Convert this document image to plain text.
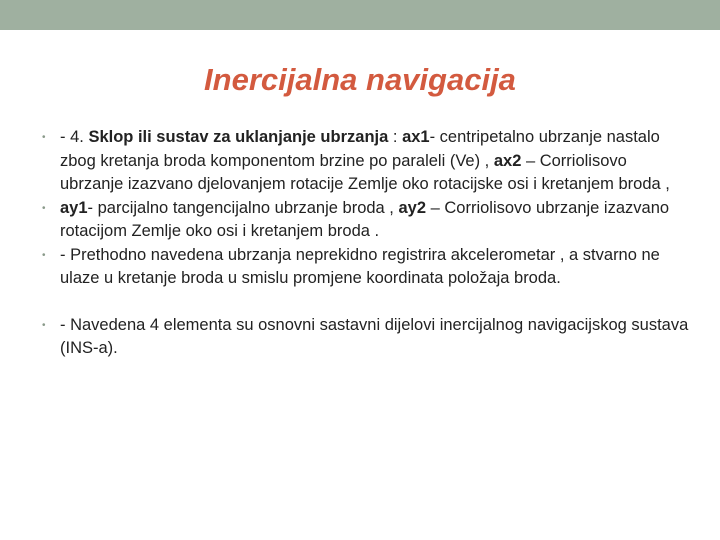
Inercijalna navigacija
• - 4. Sklop ili sustav za uklanjanje ubrzanja : ax1- centripetalno ubrzanje nastalo zbog kretanja broda komponentom brzine po paraleli (Ve) , ax2 – Corriolisovo ubrzanje izazvano djelovanjem rotacije Zemlje oko rotacijske osi i kretanjem broda ,
• ay1- parcijalno tangencijalno ubrzanje broda , ay2 – Corriolisovo ubrzanje izazvano rotacijom Zemlje oko osi i kretanjem broda .
• - Prethodno navedena ubrzanja neprekidno registrira akcelerometar , a stvarno ne ulaze u kretanje broda u smislu promjene koordinata položaja broda.
• - Navedena 4 elementa su osnovni sastavni dijelovi inercijalnog navigacijskog sustava (INS-a).
